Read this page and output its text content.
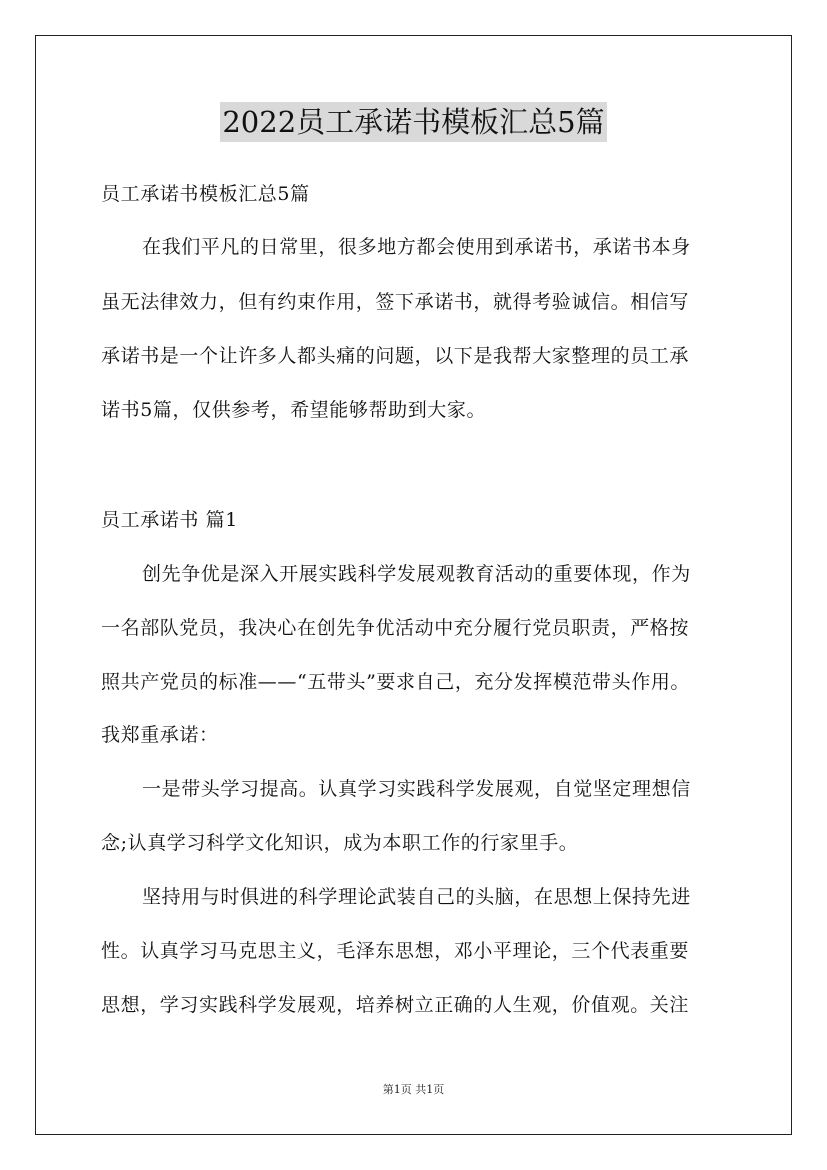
2022员工承诺书模板汇总5篇
员工承诺书模板汇总5篇
在我们平凡的日常里，很多地方都会使用到承诺书，承诺书本身
虽无法律效力，但有约束作用，签下承诺书，就得考验诚信。相信写
承诺书是一个让许多人都头痛的问题，以下是我帮大家整理的员工承
诺书5篇，仅供参考，希望能够帮助到大家。
员工承诺书 篇1
创先争优是深入开展实践科学发展观教育活动的重要体现，作为
一名部队党员，我决心在创先争优活动中充分履行党员职责，严格按
照共产党员的标准——“五带头”要求自己，充分发挥模范带头作用。
我郑重承诺：
一是带头学习提高。认真学习实践科学发展观，自觉坚定理想信
念;认真学习科学文化知识，成为本职工作的行家里手。
坚持用与时俱进的科学理论武装自己的头脑，在思想上保持先进
性。认真学习马克思主义，毛泽东思想，邓小平理论，三个代表重要
思想，学习实践科学发展观，培养树立正确的人生观，价值观。关注
第1页 共1页
